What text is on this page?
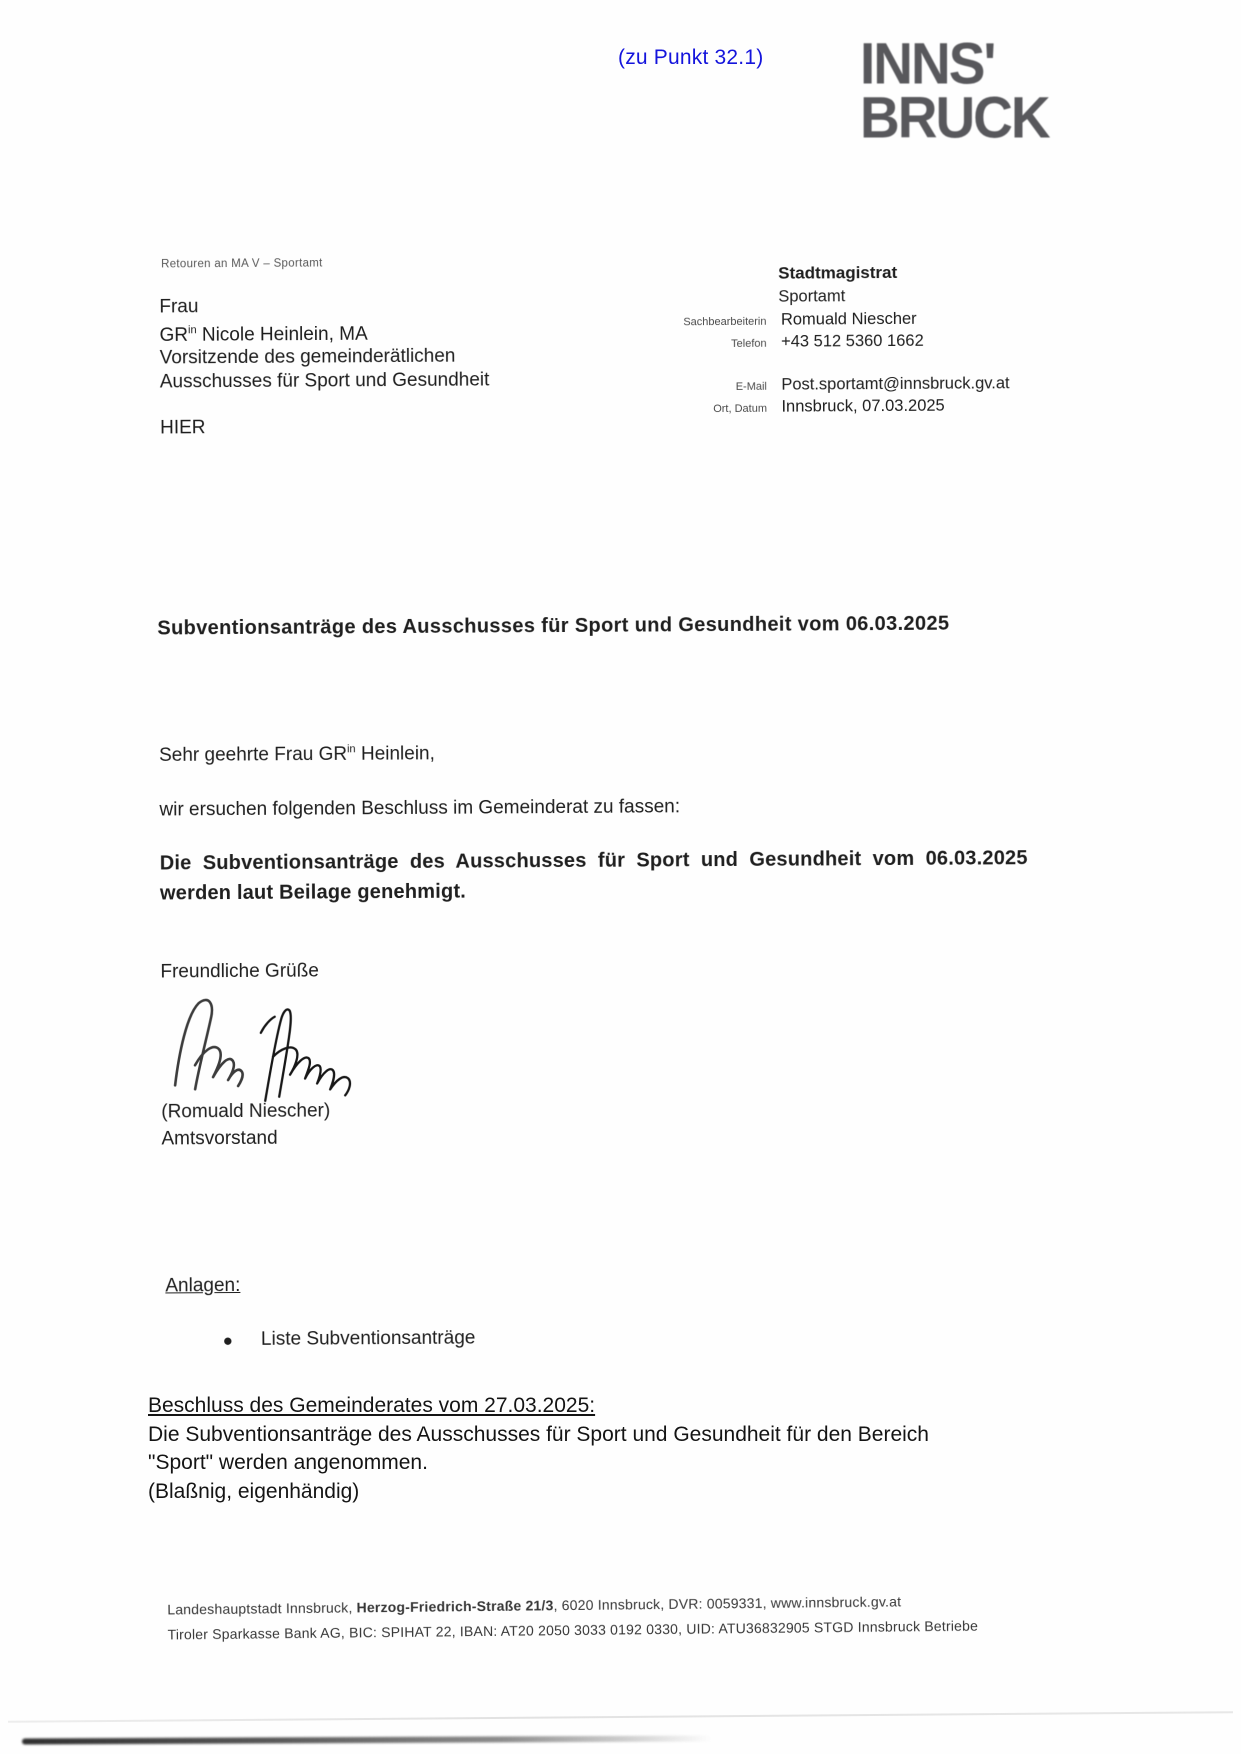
(zu Punkt 32.1) INNS'
BRUCK
Retouren an MA V – Sportamt
Frau
$GR^{in}$ Nicole Heinlein, MA
Vorsitzende des gemeinderätlichen
Ausschusses für Sport und Gesundheit
HIER
Stadtmagistrat
Sportamt
Sachbearbeiterin Romuald Niescher
Telefon +43 512 5360 1662
E-Mail Post.sportamt@innsbruck.gv.at
Ort, Datum Innsbruck, 07.03.2025
Subventionsanträge des Ausschusses für Sport und Gesundheit vom 06.03.2025
Sehr geehrte Frau $GR^{in}$ Heinlein,
wir ersuchen folgenden Beschluss im Gemeinderat zu fassen:
Die Subventionsanträge des Ausschusses für Sport und Gesundheit vom 06.03.2025
werden laut Beilage genehmigt.
Freundliche Grüße
(Romuald Niescher)
Amtsvorstand
Anlagen:
● Liste Subventionsanträge
Landeshauptstadt Innsbruck, Herzog-Friedrich-Straße 21/3, 6020 Innsbruck, DVR: 0059331, www.innsbruck.gv.at
Tiroler Sparkasse Bank AG, BIC: SPIHAT 22, IBAN: AT20 2050 3033 0192 0330, UID: ATU36832905 STGD Innsbruck Betriebe
Beschluss des Gemeinderates vom 27.03.2025:
Die Subventionsanträge des Ausschusses für Sport und Gesundheit für den Bereich
"Sport" werden angenommen.
(Blaßnig, eigenhändig)
